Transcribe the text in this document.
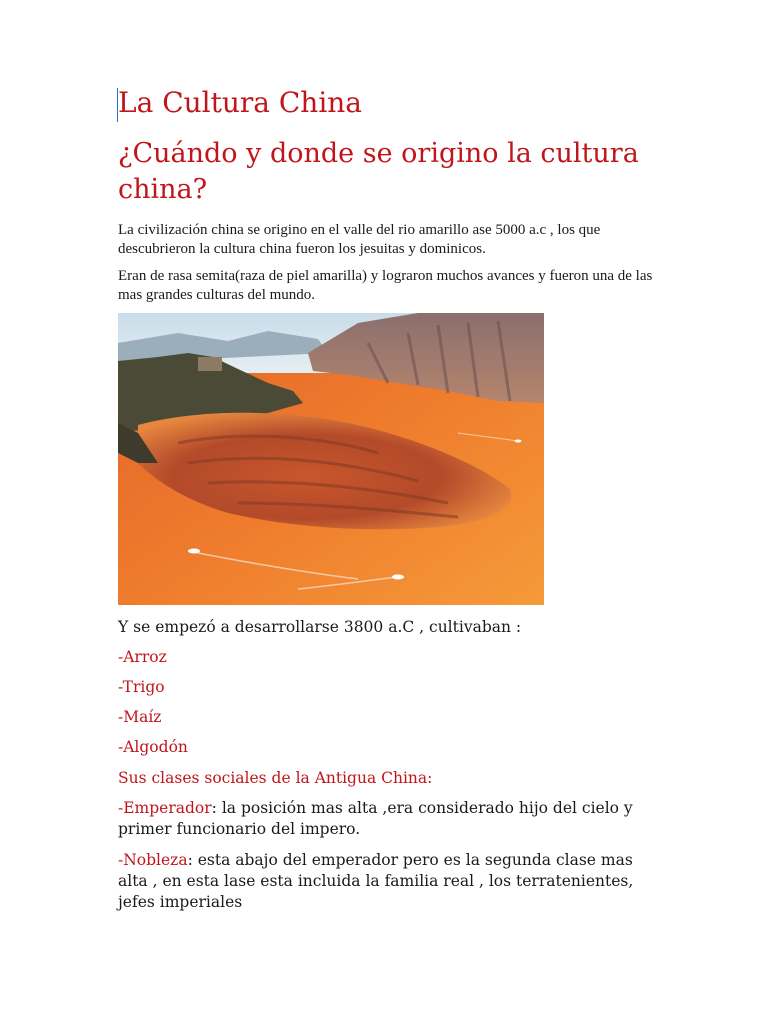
La Cultura China
¿Cuándo y donde se origino la cultura china?
La civilización china se origino en el valle del rio amarillo ase 5000 a.c , los que descubrieron la cultura china fueron los jesuitas y dominicos.
Eran de rasa semita(raza de piel amarilla) y lograron muchos avances y fueron una de las mas grandes culturas del mundo.
Y se empezó a desarrollarse 3800 a.C , cultivaban :
-Arroz
-Trigo
-Maíz
-Algodón
Sus clases sociales de la Antigua China:
-Emperador: la posición mas alta ,era considerado hijo del cielo y primer funcionario del impero.
-Nobleza: esta abajo del emperador pero es la segunda clase mas alta , en esta lase esta incluida la familia real , los terratenientes, jefes imperiales
